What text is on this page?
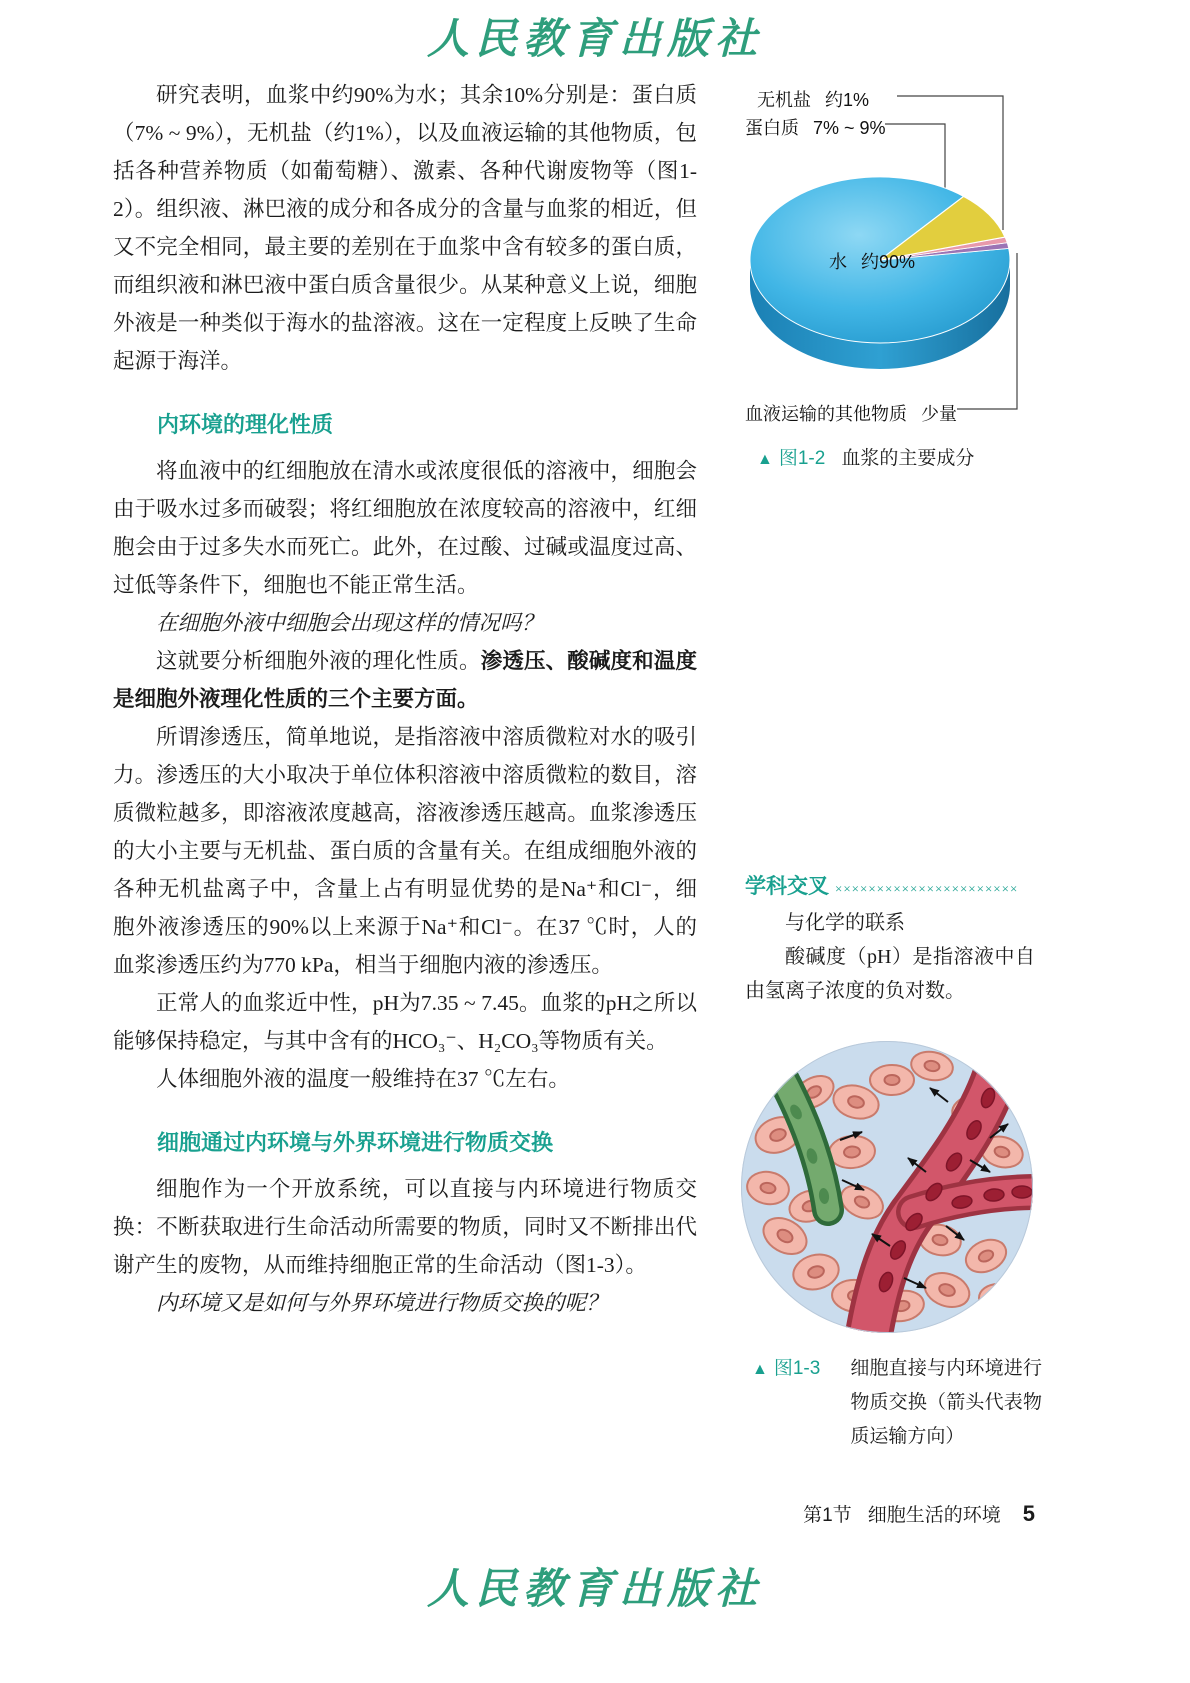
人民教育出版社

研究表明，血浆中约90%为水；其余10%分别是：蛋白质（7% ~ 9%），无机盐（约1%），以及血液运输的其他物质，包括各种营养物质（如葡萄糖）、激素、各种代谢废物等（图1-2）。组织液、淋巴液的成分和各成分的含量与血浆的相近，但又不完全相同，最主要的差别在于血浆中含有较多的蛋白质，而组织液和淋巴液中蛋白质含量很少。从某种意义上说，细胞外液是一种类似于海水的盐溶液。这在一定程度上反映了生命起源于海洋。

内环境的理化性质

将血液中的红细胞放在清水或浓度很低的溶液中，细胞会由于吸水过多而破裂；将红细胞放在浓度较高的溶液中，红细胞会由于过多失水而死亡。此外，在过酸、过碱或温度过高、过低等条件下，细胞也不能正常生活。

在细胞外液中细胞会出现这样的情况吗？

这就要分析细胞外液的理化性质。渗透压、酸碱度和温度是细胞外液理化性质的三个主要方面。

所谓渗透压，简单地说，是指溶液中溶质微粒对水的吸引力。渗透压的大小取决于单位体积溶液中溶质微粒的数目，溶质微粒越多，即溶液浓度越高，溶液渗透压越高。血浆渗透压的大小主要与无机盐、蛋白质的含量有关。在组成细胞外液的各种无机盐离子中，含量上占有明显优势的是Na⁺和Cl⁻，细胞外液渗透压的90%以上来源于Na⁺和Cl⁻。在37 ℃时，人的血浆渗透压约为770 kPa，相当于细胞内液的渗透压。

正常人的血浆近中性，pH为7.35 ~ 7.45。血浆的pH之所以能够保持稳定，与其中含有的HCO₃⁻、H₂CO₃等物质有关。

人体细胞外液的温度一般维持在37 ℃左右。

细胞通过内环境与外界环境进行物质交换

细胞作为一个开放系统，可以直接与内环境进行物质交换：不断获取进行生命活动所需要的物质，同时又不断排出代谢产生的废物，从而维持细胞正常的生命活动（图1-3）。

内环境又是如何与外界环境进行物质交换的呢？

无机盐 约1%
蛋白质 7% ~ 9%
水 约90%
血液运输的其他物质 少量
▲ 图1-2 血浆的主要成分
学科交叉 ××××××××××××××××××××××

与化学的联系

酸碱度（pH）是指溶液中自由氢离子浓度的负对数。

▲ 图1-3	细胞直接与内环境进行物质交换（箭头代表物质运输方向）
第1节 细胞生活的环境 5
人民教育出版社
